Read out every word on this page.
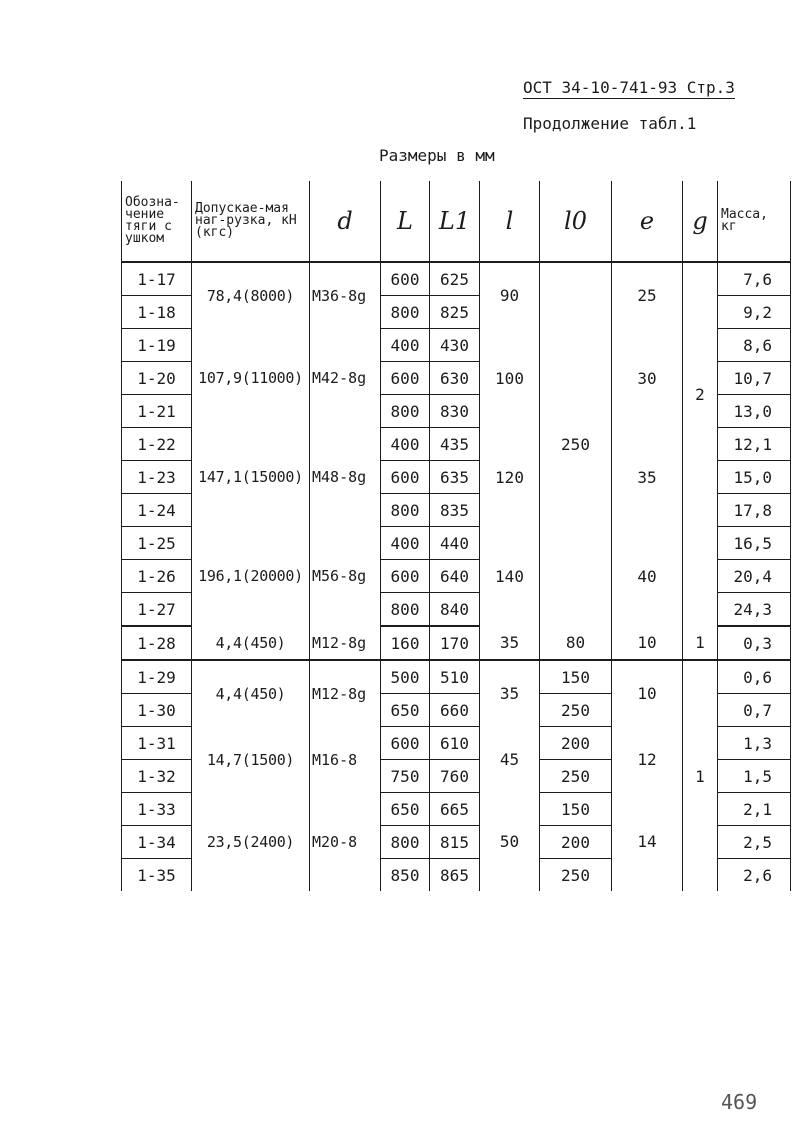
ОСТ 34-10-741-93 Стр.3
Продолжение табл.1
Размеры в мм
Обозна-чение тяги с ушком	Допускае-мая наг-рузка, кН (кгс)	d	L	L1	l	l0	e	g	Масса, кг

1-17	78,4(8000)	M36-8g	600	625	90	250	25	2	7,6
1-18			800	825					9,2
1-19	107,9(11000)	M42-8g	400	430	100		30		8,6
1-20			600	630					10,7
1-21			800	830					13,0
1-22	147,1(15000)	M48-8g	400	435	120		35		12,1
1-23			600	635					15,0
1-24			800	835					17,8
1-25	196,1(20000)	M56-8g	400	440	140		40		16,5
1-26			600	640					20,4
1-27			800	840					24,3
1-28	4,4(450)	M12-8g	160	170	35	80	10	1	0,3
1-29	4,4(450)	M12-8g	500	510	35	150	10	1	0,6
1-30			650	660		250			0,7
1-31	14,7(1500)	M16-8	600	610	45	200	12		1,3
1-32			750	760		250			1,5
1-33	23,5(2400)	M20-8	650	665	50	150	14		2,1
1-34			800	815		200			2,5
1-35			850	865		250			2,6
469
